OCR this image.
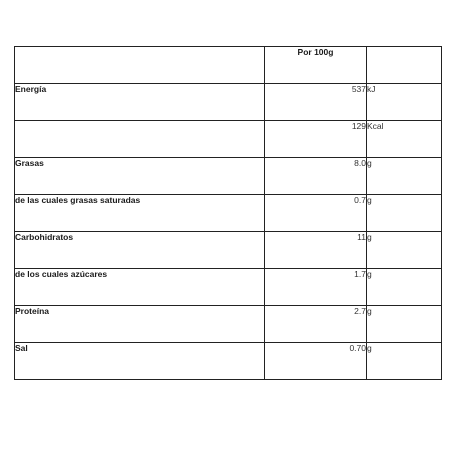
	Por 100g	
Energía	537	kJ
	129	Kcal
Grasas	8.0	g
de las cuales grasas saturadas	0.7	g
Carbohidratos	11	g
de los cuales azúcares	1.7	g
Proteína	2.7	g
Sal	0.70	g
